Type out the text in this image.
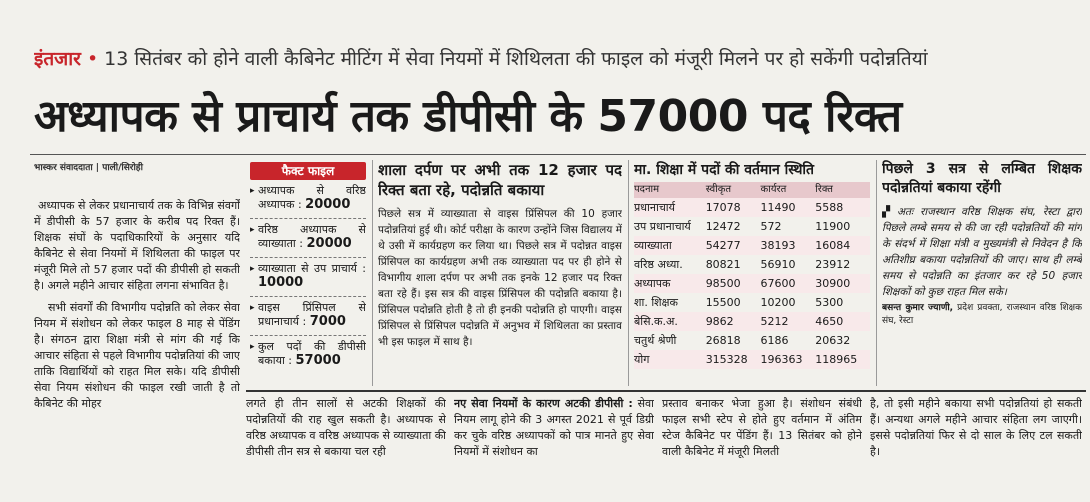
इंतजार • 13 सितंबर को होने वाली कैबिनेट मीटिंग में सेवा नियमों में शिथिलता की फाइल को मंजूरी मिलने पर हो सकेंगी पदोन्नतियां
अध्यापक से प्राचार्य तक डीपीसी के 57000 पद रिक्त
भास्कर संवाददाता | पाली/सिरोही

अध्यापक से लेकर प्रधानाचार्य तक के विभिन्न संवर्गों में डीपीसी के 57 हजार के करीब पद रिक्त हैं। शिक्षक संघों के पदाधिकारियों के अनुसार यदि कैबिनेट से सेवा नियमों में शिथिलता की फाइल पर मंजूरी मिले तो 57 हजार पदों की डीपीसी हो सकती है। अगले महीने आचार संहिता लगना संभावित है।

सभी संवर्गों की विभागीय पदोन्नति को लेकर सेवा नियम में संशोधन को लेकर फाइल 8 माह से पेंडिंग है। संगठन द्वारा शिक्षा मंत्री से मांग की गई कि आचार संहिता से पहले विभागीय पदोन्नतियां की जाए ताकि विद्यार्थियों को राहत मिल सके। यदि डीपीसी सेवा नियम संशोधन की फाइल रखी जाती है तो कैबिनेट की मोहर

फैक्ट फाइल
▸ अध्यापक से वरिष्ठ अध्यापक : 20000
▸ वरिष्ठ अध्यापक से व्याख्याता : 20000
▸ व्याख्याता से उप प्राचार्य : 10000
▸ वाइस प्रिंसिपल से प्रधानाचार्य : 7000
▸ कुल पदों की डीपीसी बकाया : 57000
शाला दर्पण पर अभी तक 12 हजार पद रिक्त बता रहे, पदोन्नति बकाया

पिछले सत्र में व्याख्याता से वाइस प्रिंसिपल की 10 हजार पदोन्नतियां हुई थी। कोर्ट परीक्षा के कारण उन्होंने जिस विद्यालय में थे उसी में कार्यग्रहण कर लिया था। पिछले सत्र में पदोन्नत वाइस प्रिंसिपल का कार्यग्रहण अभी तक व्याख्याता पद पर ही होने से विभागीय शाला दर्पण पर अभी तक इनके 12 हजार पद रिक्त बता रहे हैं। इस सत्र की वाइस प्रिंसिपल की पदोन्नति बकाया है। प्रिंसिपल पदोन्नति होती है तो ही इनकी पदोन्नति हो पाएगी। वाइस प्रिंसिपल से प्रिंसिपल पदोन्नति में अनुभव में शिथिलता का प्रस्ताव भी इस फाइल में साथ है।

मा. शिक्षा में पदों की वर्तमान स्थिति
पदनाम	स्वीकृत	कार्यरत	रिक्त
प्रधानाचार्य	17078	11490	5588
उप प्रधानाचार्य	12472	572	11900
व्याख्याता	54277	38193	16084
वरिष्ठ अध्या.	80821	56910	23912
अध्यापक	98500	67600	30900
शा. शिक्षक	15500	10200	5300
बेसि.क.अ.	9862	5212	4650
चतुर्थ श्रेणी	26818	6186	20632
योग	315328	196363	118965
पिछले 3 सत्र से लम्बित शिक्षक पदोन्नतियां बकाया रहेंगी

▞ अतः राजस्थान वरिष्ठ शिक्षक संघ, रेस्टा द्वारा पिछले लम्बे समय से की जा रही पदोन्नतियों की मांग के संदर्भ में शिक्षा मंत्री व मुख्यमंत्री से निवेदन है कि अतिशीघ्र बकाया पदोन्नतियों की जाए। साथ ही लम्बे समय से पदोन्नति का इंतजार कर रहे 50 हजार शिक्षकों को कुछ राहत मिल सके।

बसन्त कुमार ज्याणी, प्रदेश प्रवक्ता, राजस्थान वरिष्ठ शिक्षक संघ, रेस्टा

लगते ही तीन सालों से अटकी शिक्षकों की पदोन्नतियों की राह खुल सकती है। अध्यापक से वरिष्ठ अध्यापक व वरिष्ठ अध्यापक से व्याख्याता की डीपीसी तीन सत्र से बकाया चल रही

नए सेवा नियमों के कारण अटकी डीपीसी : सेवा नियम लागू होने की 3 अगस्त 2021 से पूर्व डिग्री कर चुके वरिष्ठ अध्यापकों को पात्र मानते हुए सेवा नियमों में संशोधन का

प्रस्ताव बनाकर भेजा हुआ है। संशोधन संबंधी फाइल सभी स्टेप से होते हुए वर्तमान में अंतिम स्टेज कैबिनेट पर पेंडिंग हैं। 13 सितंबर को होने वाली कैबिनेट में मंजूरी मिलती

है, तो इसी महीने बकाया सभी पदोन्नतियां हो सकती हैं। अन्यथा अगले महीने आचार संहिता लग जाएगी। इससे पदोन्नतियां फिर से दो साल के लिए टल सकती है।
